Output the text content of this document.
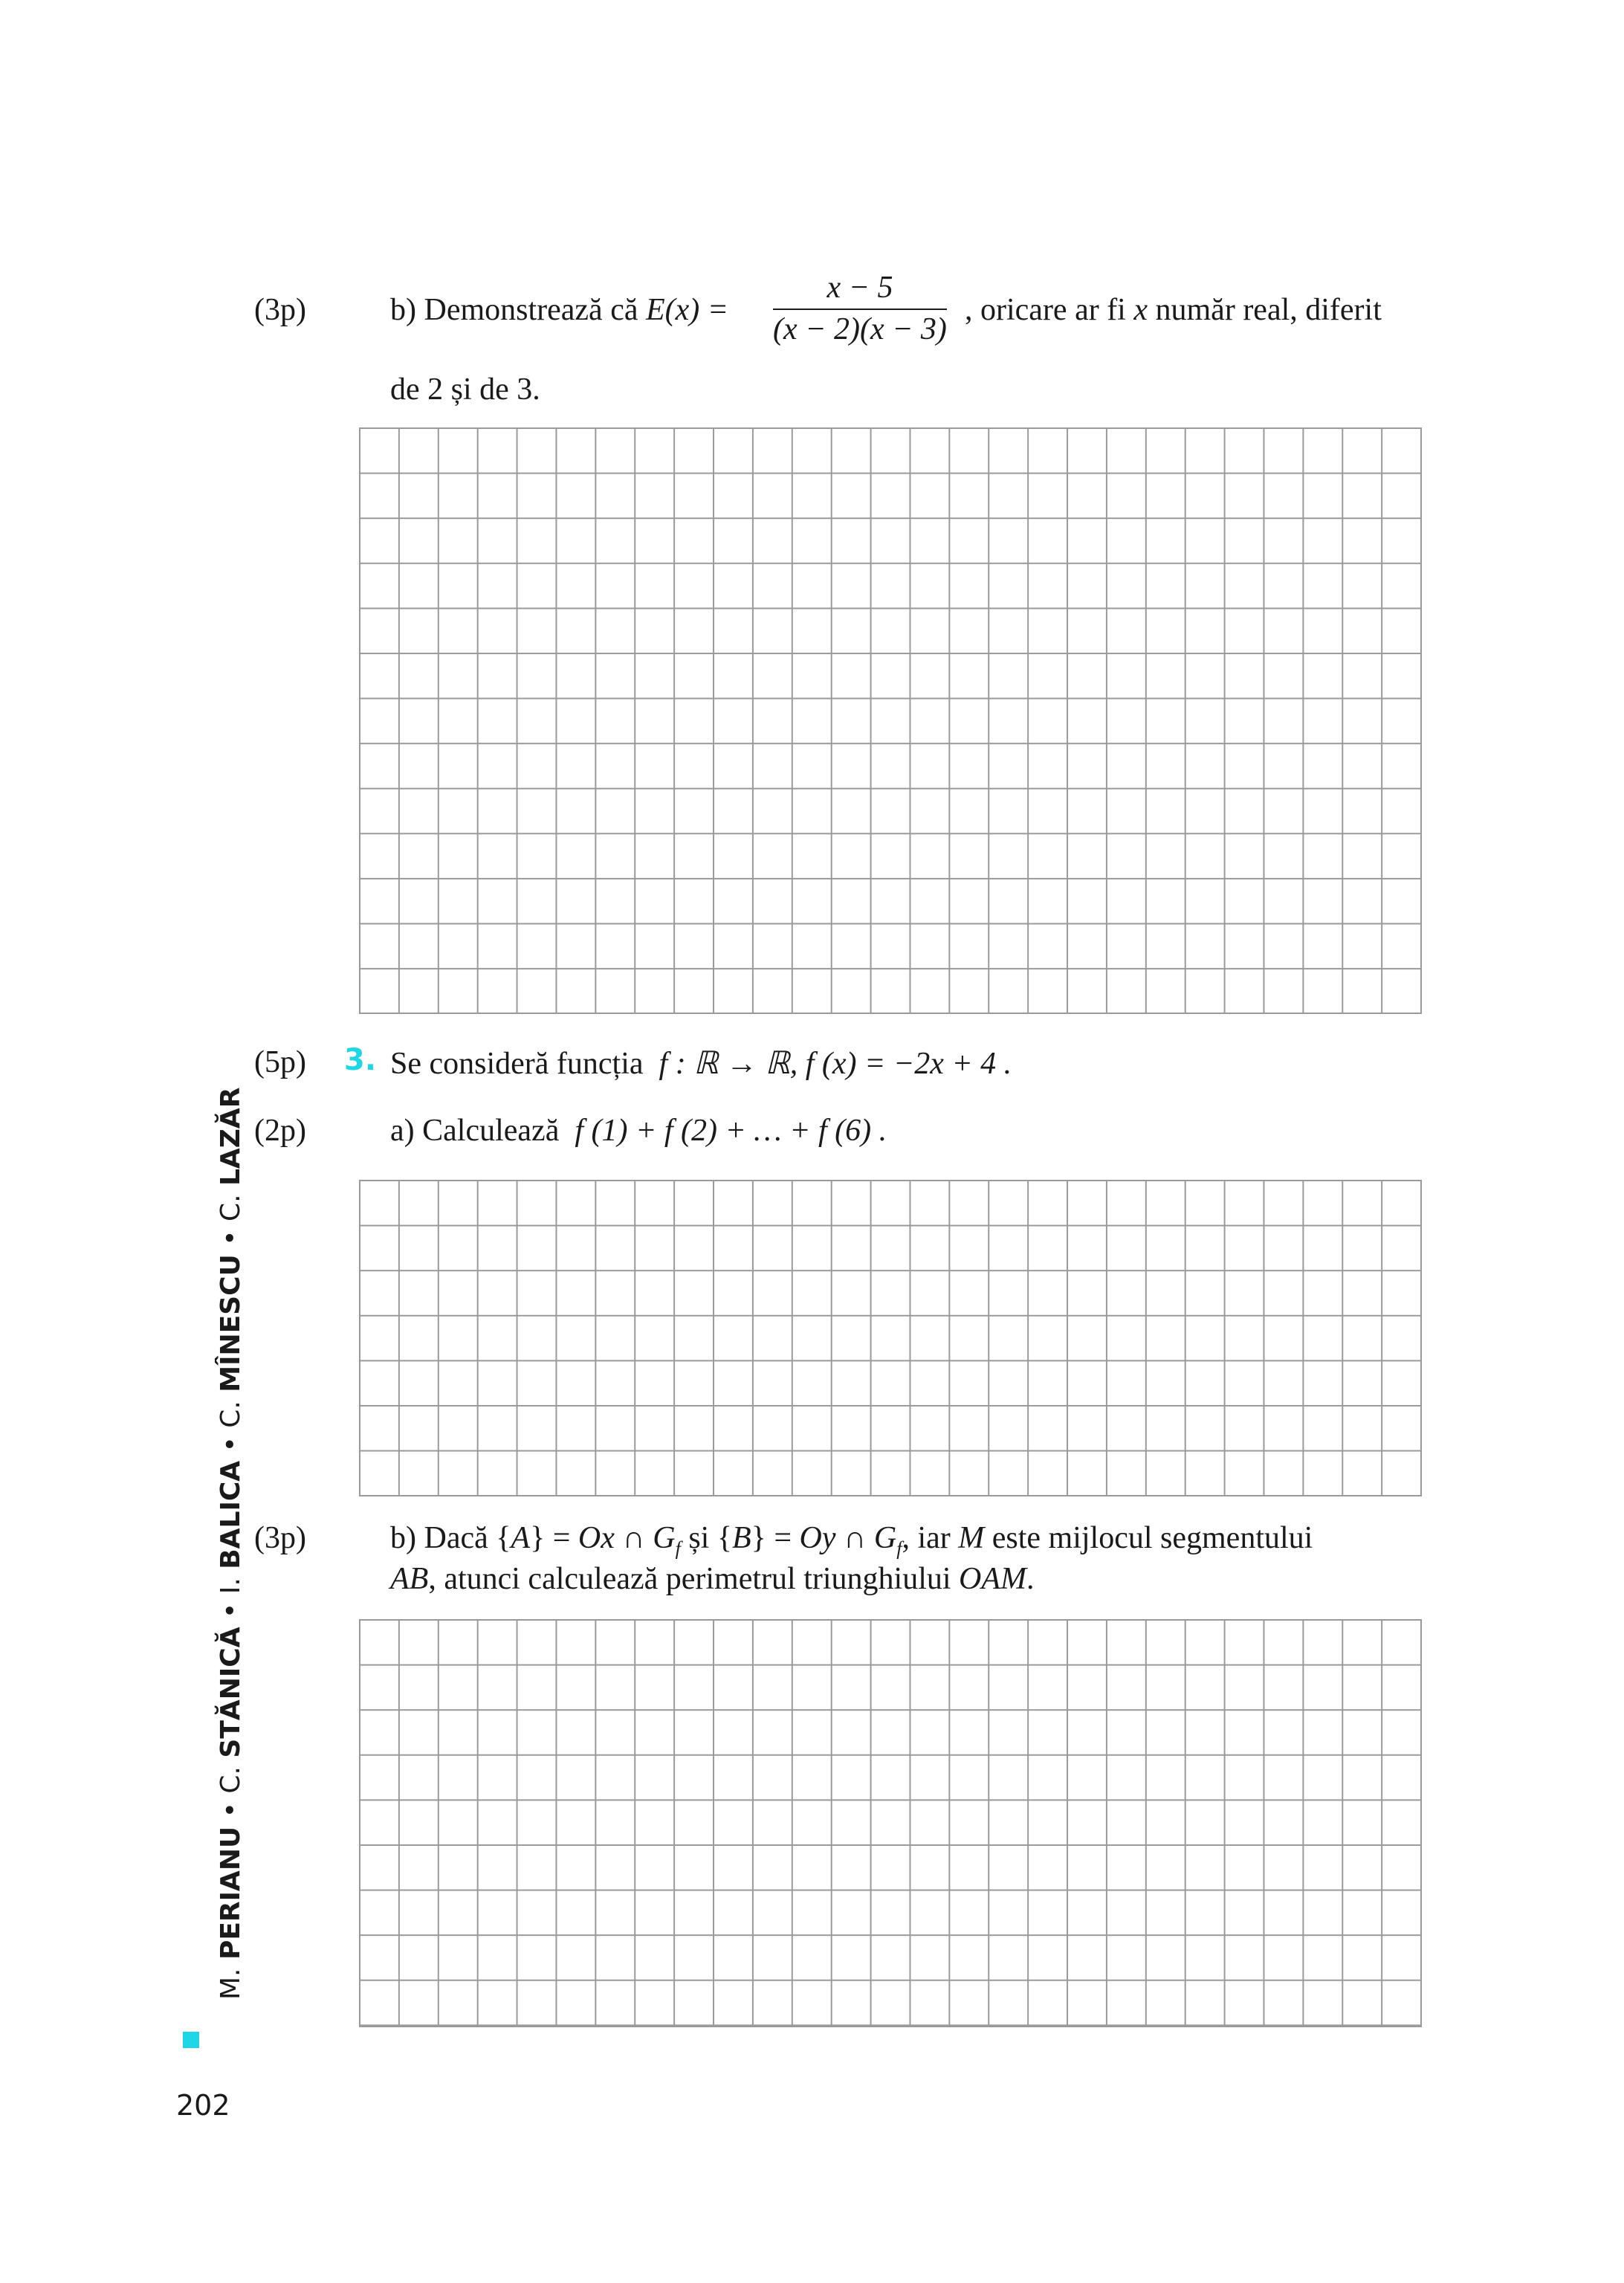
(3p)	b) Demonstrează că $E(x) = \frac{x - 5}{(x - 2)(x - 3)}$ , oricare ar fi x număr real, diferit
de 2 și de 3.
(5p) 3. Se consideră funcția f : ℝ → ℝ, f (x) = −2x + 4 .
(2p)	a) Calculează f (1) + f (2) + … + f (6) .
(3p)	b) Dacă {A} = Ox ∩ $G_f$ și {B} = Oy ∩ $G_f$, iar M este mijlocul segmentului
AB, atunci calculează perimetrul triunghiului OAM.
M. PERIANU • C. STĂNICĂ • I. BALICA • C. MÎNESCU • C. LAZĂR
202
